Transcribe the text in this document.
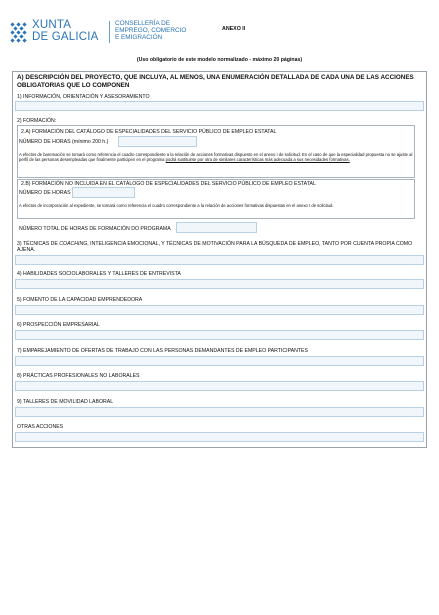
XUNTA
DE GALICIA
CONSELLERÍA DE
EMPREGO, COMERCIO
E EMIGRACIÓN
ANEXO II
(Uso obligatorio de este modelo normalizado - máximo 20 páginas)
A) DESCRIPCIÓN DEL PROYECTO, QUE INCLUYA, AL MENOS, UNA ENUMERACIÓN DETALLADA DE CADA UNA DE LAS ACCIONES OBLIGATORIAS QUE LO COMPONEN
1) INFORMACIÓN, ORIENTACIÓN Y ASESORAMIENTO
2) FORMACIÓN:
2.A) FORMACIÓN DEL CATÁLOGO DE ESPECIALIDADES DEL SERVICIO PÚBLICO DE EMPLEO ESTATAL
NÚMERO DE HORAS (mínimo 200 h.)
A efectos de baremación se tomará como referencia el cuadro correspondiente a la relación de acciones formativas dispuesto en el anexo I de solicitud. En el caso de que la especialidad propuesta no se ajuste al perfil de las personas desempleadas que finalmente participen en el programa podrá sustituirse por otra de similares características más adecuada a sus necesidades formativas.
2.B) FORMACIÓN NO INCLUIDA EN EL CATÁLOGO DE ESPECIALIDADES DEL SERVICIO PÚBLICO DE EMPLEO ESTATAL
NÚMERO DE HORAS
A efectos de incorporación al expediente, se tomará como referencia el cuadro correspondiente a la relación de acciones formativas dispuestas en el anexo I de solicitud.
NÚMERO TOTAL DE HORAS DE FORMACIÓN DO PROGRAMA
3) TÉCNICAS DE COACHING, INTELIGENCIA EMOCIONAL, Y TÉCNICAS DE MOTIVACIÓN PARA LA BÚSQUEDA DE EMPLEO, TANTO POR CUENTA PROPIA COMO AJENA.
4) HABILIDADES SOCIOLABORALES Y TALLERES DE ENTREVISTA
5) FOMENTO DE LA CAPACIDAD EMPRENDEDORA
6) PROSPECCIÓN EMPRESARIAL
7) EMPAREJAMIENTO DE OFERTAS DE TRABAJO CON LAS PERSONAS DEMANDANTES DE EMPLEO PARTICIPANTES
8) PRÁCTICAS PROFESIONALES NO LABORALES
9) TALLERES DE MOVILIDAD LABORAL
OTRAS ACCIONES
